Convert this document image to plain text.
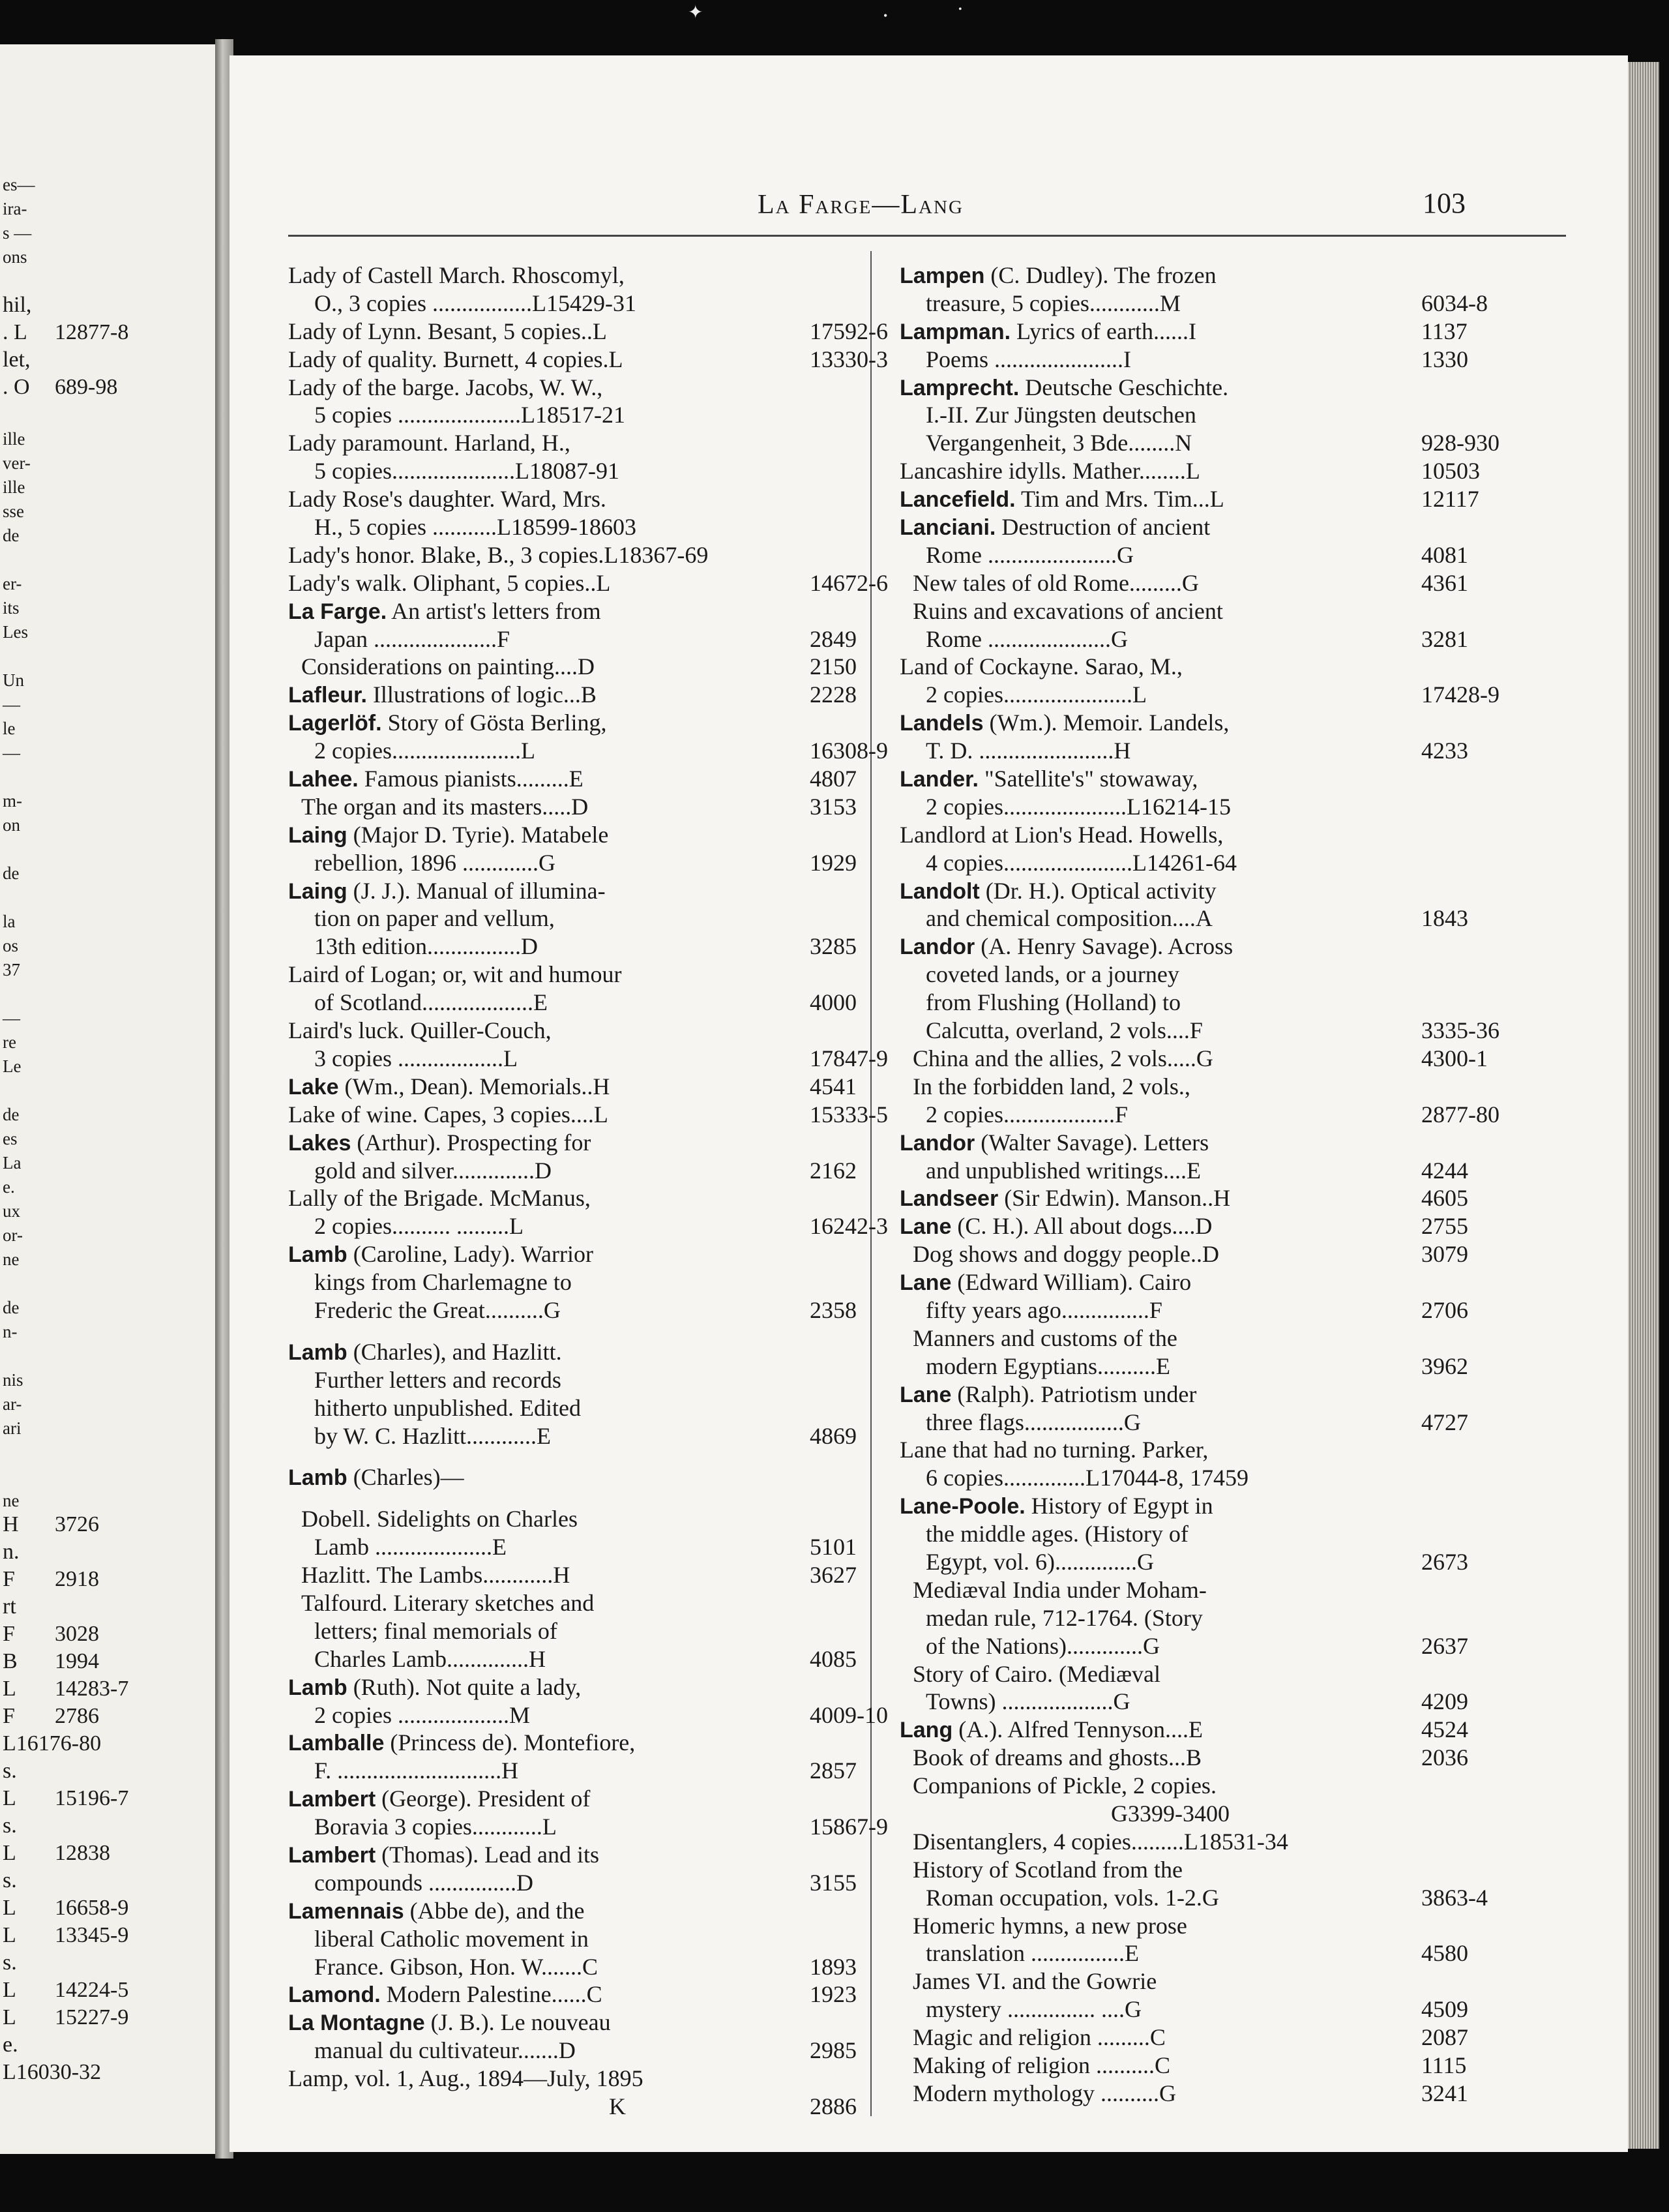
es—
ira-
s —
ons
hil,
. L 12877-8
let,
. O 689-98
ille
ver-
ille
sse
de
er-
its
Les
Un
—
le
—
m-
on
de
la
os
37
—
re
Le
de
es
La
e.
ux
or-
ne
de
n-
nis
ar-
ari
ne
H 3726
n.
F 2918
rt
F 3028
B 1994
L 14283-7
F 2786
L16176-80
s.
L 15196-7
s.
L 12838
s.
L 16658-9
L 13345-9
s.
L 14224-5
L 15227-9
e.
L16030-32
✦	•	•
La Farge—Lang	103
Lady of Castell March. Rhoscomyl,
O., 3 copies .................L15429-31
Lady of Lynn. Besant, 5 copies..L	17592-6
Lady of quality. Burnett, 4 copies.L	13330-3
Lady of the barge. Jacobs, W. W.,
5 copies .....................L18517-21
Lady paramount. Harland, H.,
5 copies.....................L18087-91
Lady Rose's daughter. Ward, Mrs.
H., 5 copies ...........L18599-18603
Lady's honor. Blake, B., 3 copies.L18367-69
Lady's walk. Oliphant, 5 copies..L	14672-6
La Farge. An artist's letters from
Japan .....................F	2849
Considerations on painting....D	2150
Lafleur. Illustrations of logic...B	2228
Lagerlöf. Story of Gösta Berling,
2 copies......................L	16308-9
Lahee. Famous pianists.........E	4807
The organ and its masters.....D	3153
Laing (Major D. Tyrie). Matabele
rebellion, 1896 .............G	1929
Laing (J. J.). Manual of illumina-
tion on paper and vellum,
13th edition................D	3285
Laird of Logan; or, wit and humour
of Scotland...................E	4000
Laird's luck. Quiller-Couch,
3 copies ..................L	17847-9
Lake (Wm., Dean). Memorials..H	4541
Lake of wine. Capes, 3 copies....L	15333-5
Lakes (Arthur). Prospecting for
gold and silver..............D	2162
Lally of the Brigade. McManus,
2 copies.......... .........L	16242-3
Lamb (Caroline, Lady). Warrior
kings from Charlemagne to
Frederic the Great..........G	2358
Lamb (Charles), and Hazlitt.
Further letters and records
hitherto unpublished. Edited
by W. C. Hazlitt............E	4869
Lamb (Charles)—
Dobell. Sidelights on Charles
Lamb ....................E	5101
Hazlitt. The Lambs............H	3627
Talfourd. Literary sketches and
letters; final memorials of
Charles Lamb..............H	4085
Lamb (Ruth). Not quite a lady,
2 copies ...................M	4009-10
Lamballe (Princess de). Montefiore,
F. ............................H	2857
Lambert (George). President of
Boravia 3 copies............L	15867-9
Lambert (Thomas). Lead and its
compounds ...............D	3155
Lamennais (Abbe de), and the
liberal Catholic movement in
France. Gibson, Hon. W.......C	1893
Lamond. Modern Palestine......C	1923
La Montagne (J. B.). Le nouveau
manual du cultivateur.......D	2985
Lamp, vol. 1, Aug., 1894—July, 1895
K	2886
Lampen (C. Dudley). The frozen
treasure, 5 copies............M	6034-8
Lampman. Lyrics of earth......I	1137
Poems ......................I	1330
Lamprecht. Deutsche Geschichte.
I.-II. Zur Jüngsten deutschen
Vergangenheit, 3 Bde........N	928-930
Lancashire idylls. Mather........L	10503
Lancefield. Tim and Mrs. Tim...L	12117
Lanciani. Destruction of ancient
Rome ......................G	4081
New tales of old Rome.........G	4361
Ruins and excavations of ancient
Rome .....................G	3281
Land of Cockayne. Sarao, M.,
2 copies......................L	17428-9
Landels (Wm.). Memoir. Landels,
T. D. .......................H	4233
Lander. "Satellite's" stowaway,
2 copies.....................L16214-15
Landlord at Lion's Head. Howells,
4 copies......................L14261-64
Landolt (Dr. H.). Optical activity
and chemical composition....A	1843
Landor (A. Henry Savage). Across
coveted lands, or a journey
from Flushing (Holland) to
Calcutta, overland, 2 vols....F	3335-36
China and the allies, 2 vols.....G	4300-1
In the forbidden land, 2 vols.,
2 copies...................F	2877-80
Landor (Walter Savage). Letters
and unpublished writings....E	4244
Landseer (Sir Edwin). Manson..H	4605
Lane (C. H.). All about dogs....D	2755
Dog shows and doggy people..D	3079
Lane (Edward William). Cairo
fifty years ago...............F	2706
Manners and customs of the
modern Egyptians..........E	3962
Lane (Ralph). Patriotism under
three flags.................G	4727
Lane that had no turning. Parker,
6 copies..............L17044-8, 17459
Lane-Poole. History of Egypt in
the middle ages. (History of
Egypt, vol. 6)..............G	2673
Mediæval India under Moham-
medan rule, 712-1764. (Story
of the Nations).............G	2637
Story of Cairo. (Mediæval
Towns) ...................G	4209
Lang (A.). Alfred Tennyson....E	4524
Book of dreams and ghosts...B	2036
Companions of Pickle, 2 copies.
G3399-3400
Disentanglers, 4 copies.........L18531-34
History of Scotland from the
Roman occupation, vols. 1-2.G	3863-4
Homeric hymns, a new prose
translation ................E	4580
James VI. and the Gowrie
mystery ............... ....G	4509
Magic and religion .........C	2087
Making of religion ..........C	1115
Modern mythology ..........G	3241
